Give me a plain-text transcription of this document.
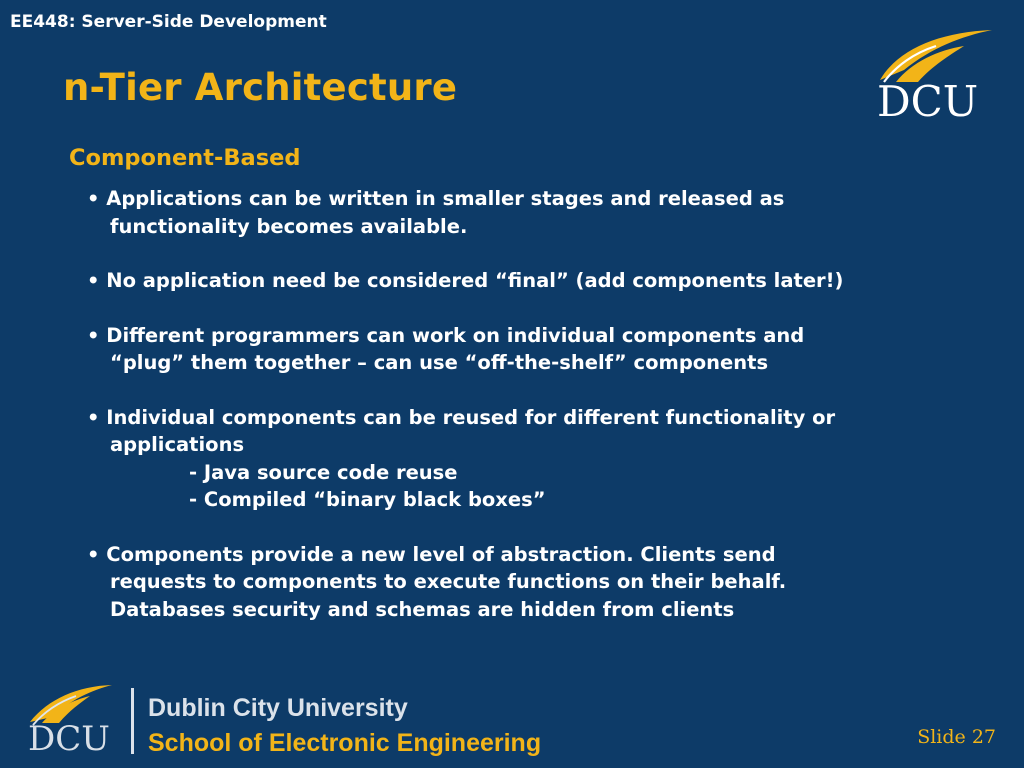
EE448: Server-Side Development
n-Tier Architecture	DCU
Component-Based
• Applications can be written in smaller stages and released as
functionality becomes available.
• No application need be considered “final” (add components later!)
• Different programmers can work on individual components and
“plug” them together – can use “off-the-shelf” components
• Individual components can be reused for different functionality or
applications
- Java source code reuse
- Compiled “binary black boxes”
• Components provide a new level of abstraction. Clients send
requests to components to execute functions on their behalf.
Databases security and schemas are hidden from clients
DCU
Dublin City University
School of Electronic Engineering	Slide 27
